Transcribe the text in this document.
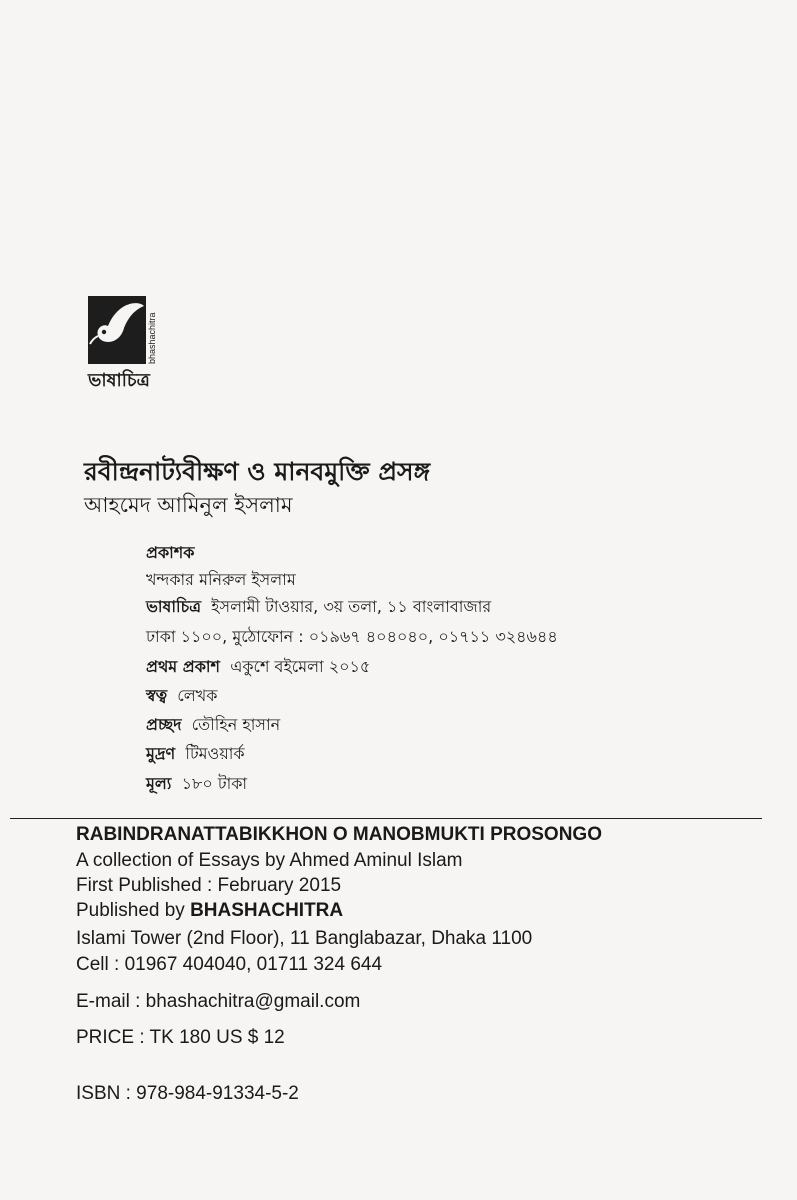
bhashachitra
ভাষাচিত্র
রবীন্দ্রনাট্যবীক্ষণ ও মানবমুক্তি প্রসঙ্গ
আহমেদ আমিনুল ইসলাম
প্রকাশক
খন্দকার মনিরুল ইসলাম
ভাষাচিত্র ইসলামী টাওয়ার, ৩য় তলা, ১১ বাংলাবাজার
ঢাকা ১১০০, মুঠোফোন : ০১৯৬৭ ৪০৪০৪০, ০১৭১১ ৩২৪৬৪৪
প্রথম প্রকাশ একুশে বইমেলা ২০১৫
স্বত্ব লেখক
প্রচ্ছদ তৌহিন হাসান
মুদ্রণ টিমওয়ার্ক
মূল্য ১৮০ টাকা
RABINDRANATTABIKKHON O MANOBMUKTI PROSONGO
A collection of Essays by Ahmed Aminul Islam
First Published : February 2015
Published by BHASHACHITRA
Islami Tower (2nd Floor), 11 Banglabazar, Dhaka 1100
Cell : 01967 404040, 01711 324 644
E-mail : bhashachitra@gmail.com
PRICE : TK 180 US $ 12
ISBN : 978-984-91334-5-2
